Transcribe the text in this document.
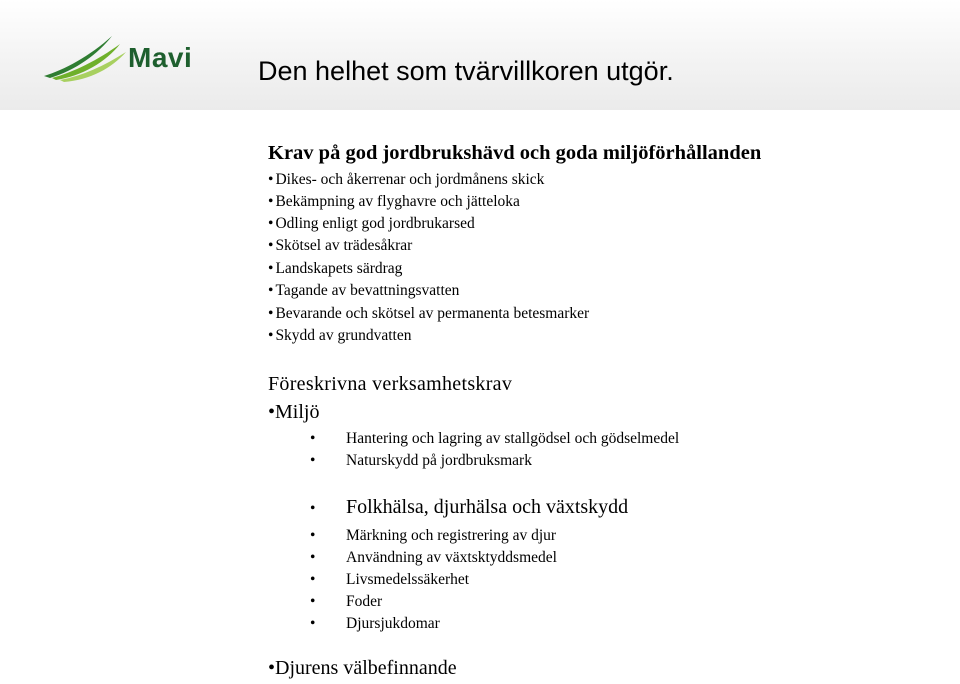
Mavi Den helhet som tvärvillkoren utgör.
Krav på god jordbrukshävd och goda miljöförhållanden
• Dikes- och åkerrenar och jordmånens skick
• Bekämpning av flyghavre och jätteloka
• Odling enligt god jordbrukarsed
• Skötsel av trädesåkrar
• Landskapets särdrag
• Tagande av bevattningsvatten
• Bevarande och skötsel av permanenta betesmarker
• Skydd av grundvatten
Föreskrivna verksamhetskrav
•Miljö
• Hantering och lagring av stallgödsel och gödselmedel
• Naturskydd på jordbruksmark
• Folkhälsa, djurhälsa och växtskydd
• Märkning och registrering av djur
• Användning av växtsktyddsmedel
• Livsmedelssäkerhet
• Foder
• Djursjukdomar
•Djurens välbefinnande
